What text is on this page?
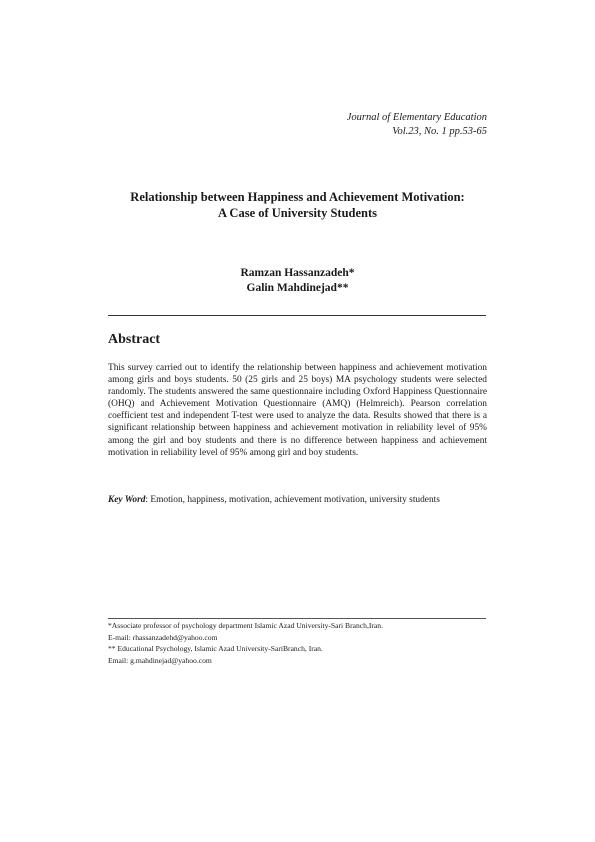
Journal of Elementary Education
Vol.23, No. 1 pp.53-65
Relationship between Happiness and Achievement Motivation:
A Case of University Students
Ramzan Hassanzadeh*
Galin Mahdinejad**
Abstract
This survey carried out to identify the relationship between happiness and achievement motivation among girls and boys students. 50 (25 girls and 25 boys) MA psychology students were selected randomly. The students answered the same questionnaire including Oxford Happiness Questionnaire (OHQ) and Achievement Motivation Questionnaire (AMQ) (Helmreich). Pearson correlation coefficient test and independent T-test were used to analyze the data. Results showed that there is a significant relationship between happiness and achievement motivation in reliability level of 95% among the girl and boy students and there is no difference between happiness and achievement motivation in reliability level of 95% among girl and boy students.
Key Word: Emotion, happiness, motivation, achievement motivation, university students
*Associate professor of psychology department Islamic Azad University-Sari Branch,Iran.
E-mail: rhassanzadehd@yahoo.com
** Educational Psychology, Islamic Azad University-SariBranch, Iran.
Email: g.mahdinejad@yahoo.com
